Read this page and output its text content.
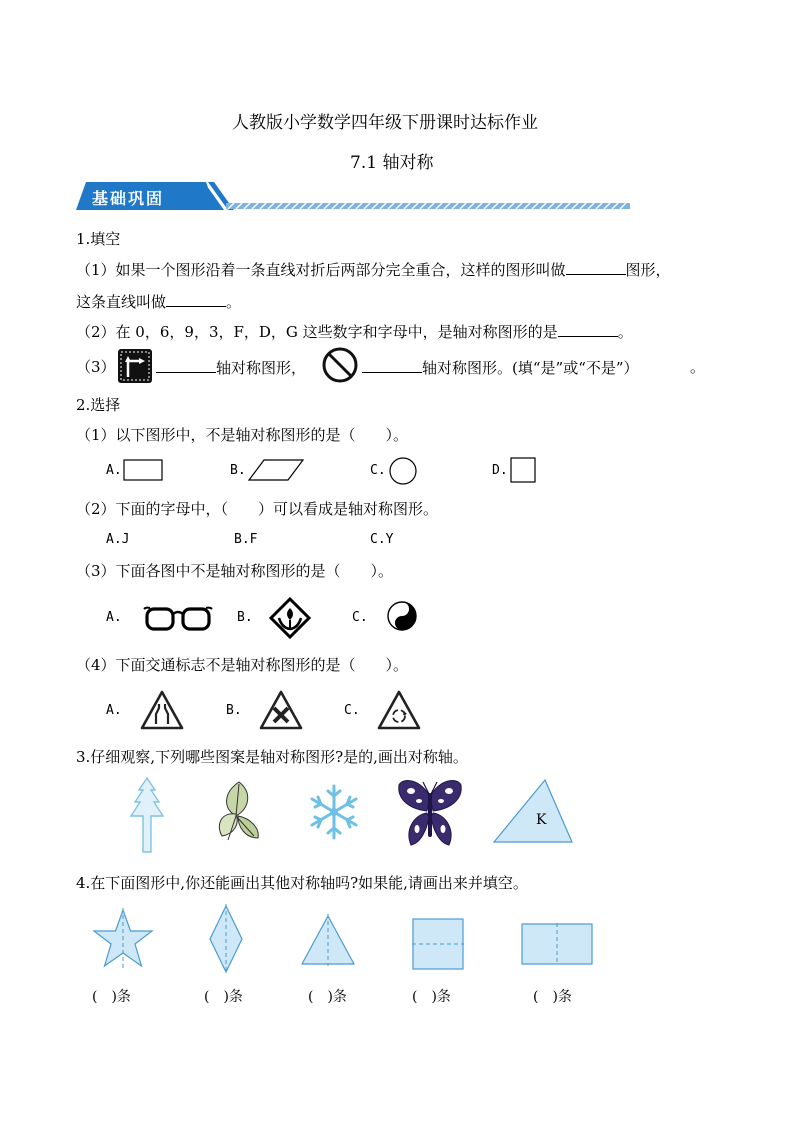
人教版小学数学四年级下册课时达标作业
7.1 轴对称
基础巩固
1.填空
（1）如果一个图形沿着一条直线对折后两部分完全重合，这样的图形叫做	图形，
这条直线叫做	。
（2）在 0，6，9，3，F，D，G 这些数字和字母中，是轴对称图形的是	。
（3）	轴对称图形，	轴对称图形。(填“是”或“不是”）	。
2.选择
（1）以下图形中，不是轴对称图形的是（　　）。
A.	B.	C.	D.
（2）下面的字母中，（　　）可以看成是轴对称图形。
A.J	B.F	C.Y
（3）下面各图中不是轴对称图形的是（　　）。
A.	B.	C.
（4）下面交通标志不是轴对称图形的是（　　）。
A.	B.	C.
3.仔细观察,下列哪些图案是轴对称图形?是的,画出对称轴。
K
4.在下面图形中,你还能画出其他对称轴吗?如果能,请画出来并填空。
(　)条	(　)条	(　)条	(　)条	(　)条
